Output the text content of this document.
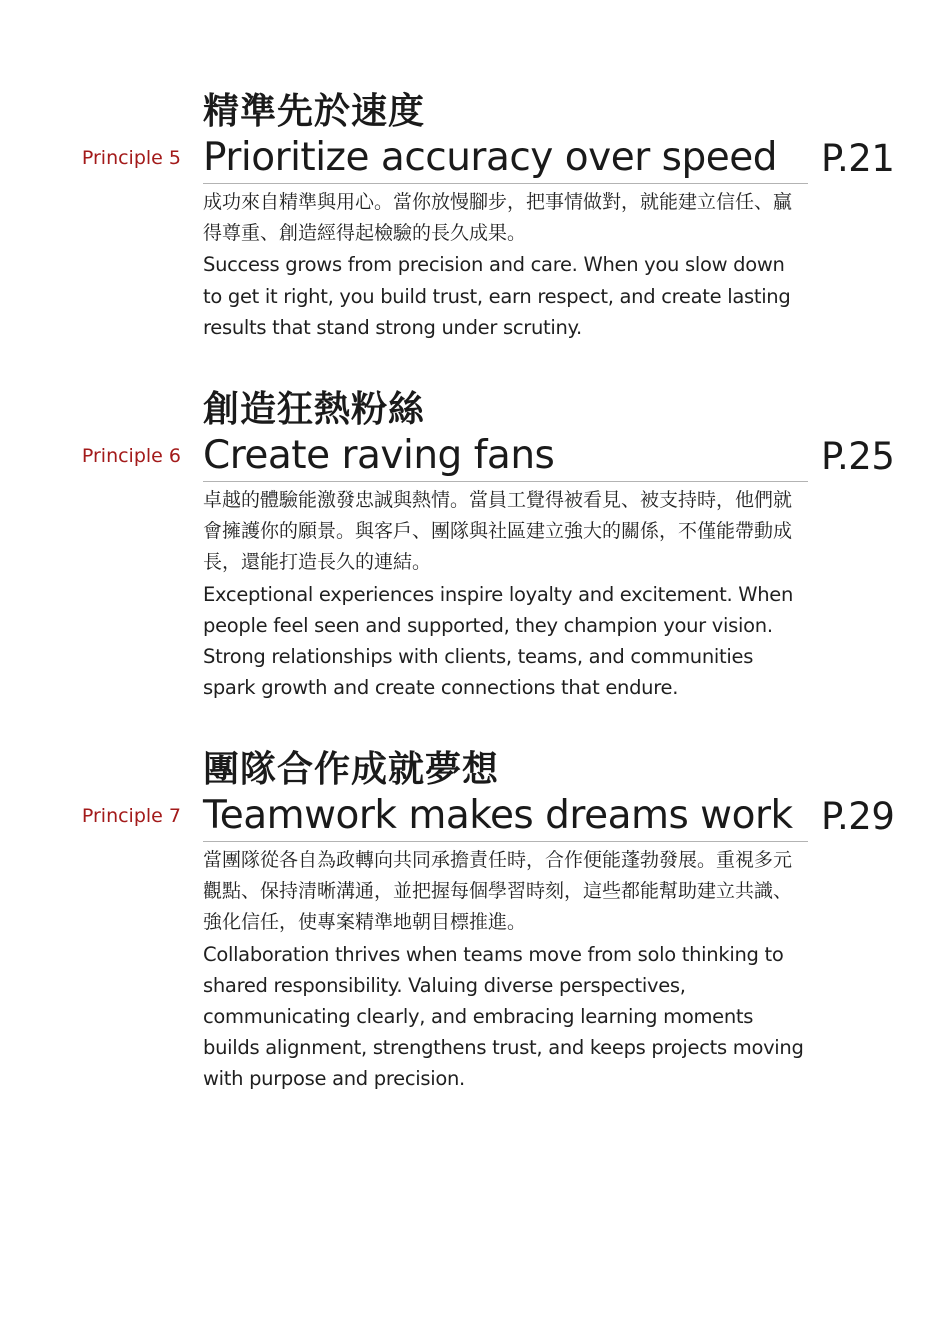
精準先於速度
Principle 5 Prioritize accuracy over speed P.21

成功來自精準與用心。當你放慢腳步，把事情做對，就能建立信任、贏得尊重、創造經得起檢驗的長久成果。

Success grows from precision and care. When you slow down to get it right, you build trust, earn respect, and create lasting results that stand strong under scrutiny.

創造狂熱粉絲
Principle 6 Create raving fans	P.25

卓越的體驗能激發忠誠與熱情。當員工覺得被看見、被支持時，他們就會擁護你的願景。與客戶、團隊與社區建立強大的關係，不僅能帶動成長，還能打造長久的連結。

Exceptional experiences inspire loyalty and excitement. When people feel seen and supported, they champion your vision. Strong relationships with clients, teams, and communities spark growth and create connections that endure.

團隊合作成就夢想
Principle 7 Teamwork makes dreams work P.29

當團隊從各自為政轉向共同承擔責任時，合作便能蓬勃發展。重視多元觀點、保持清晰溝通，並把握每個學習時刻，這些都能幫助建立共識、強化信任，使專案精準地朝目標推進。

Collaboration thrives when teams move from solo thinking to shared responsibility. Valuing diverse perspectives, communicating clearly, and embracing learning moments builds alignment, strengthens trust, and keeps projects moving with purpose and precision.
